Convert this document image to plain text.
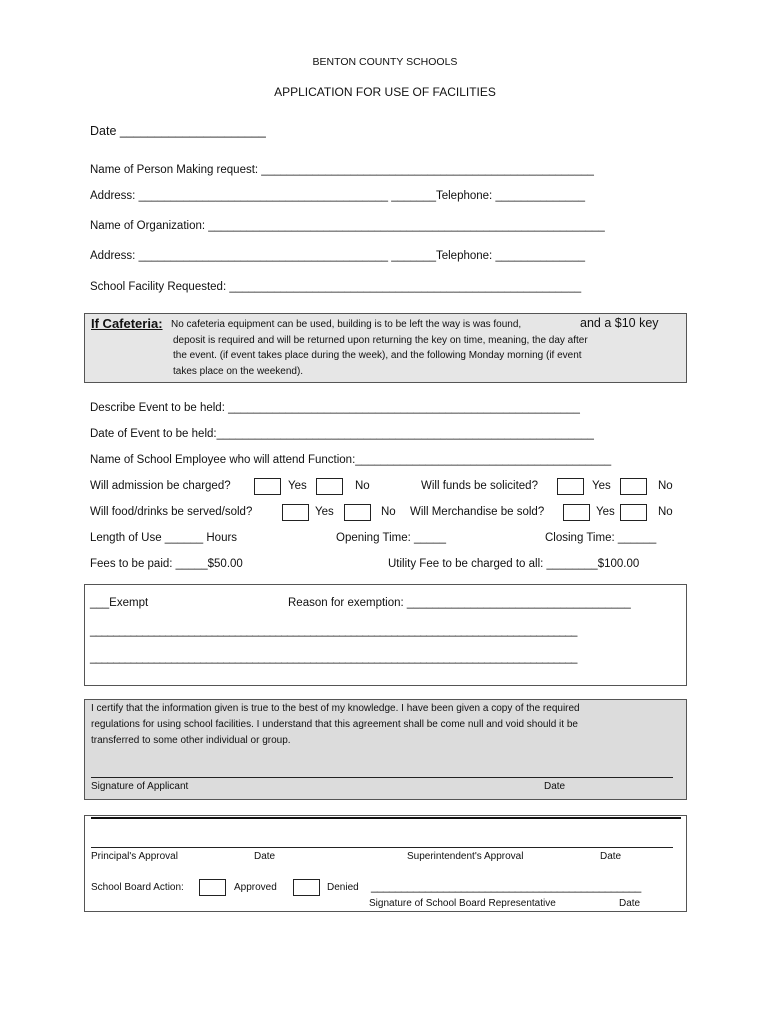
BENTON COUNTY SCHOOLS
APPLICATION FOR USE OF FACILITIES
Date _____________________
Name of Person Making request: ____________________________________________________
Address: _______________________________________ _______Telephone: ______________
Name of Organization: ______________________________________________________________
Address: _______________________________________ _______Telephone: ______________
School Facility Requested: _______________________________________________________
If Cafeteria: No cafeteria equipment can be used, building is to be left the way is was found,	and a $10 key
deposit is required and will be returned upon returning the key on time, meaning, the day after
the event. (if event takes place during the week), and the following Monday morning (if event
takes place on the weekend).
Describe Event to be held: _______________________________________________________
Date of Event to be held:___________________________________________________________
Name of School Employee who will attend Function:________________________________________
Will admission be charged?	Yes	No	Will funds be solicited?	Yes	No
Will food/drinks be served/sold?	Yes	No Will Merchandise be sold?	Yes	No
Length of Use ______ Hours	Opening Time: _____	Closing Time: ______
Fees to be paid: _____$50.00	Utility Fee to be charged to all: ________$100.00
___Exempt	Reason for exemption: ___________________________________
____________________________________________________________________________________
____________________________________________________________________________________
I certify that the information given is true to the best of my knowledge. I have been given a copy of the required
regulations for using school facilities. I understand that this agreement shall be come null and void should it be
transferred to some other individual or group.
Signature of Applicant	Date
Principal's Approval	Date	Superintendent's Approval	Date
School Board Action:	Approved	Denied _____________________________________________
Signature of School Board Representative	Date
